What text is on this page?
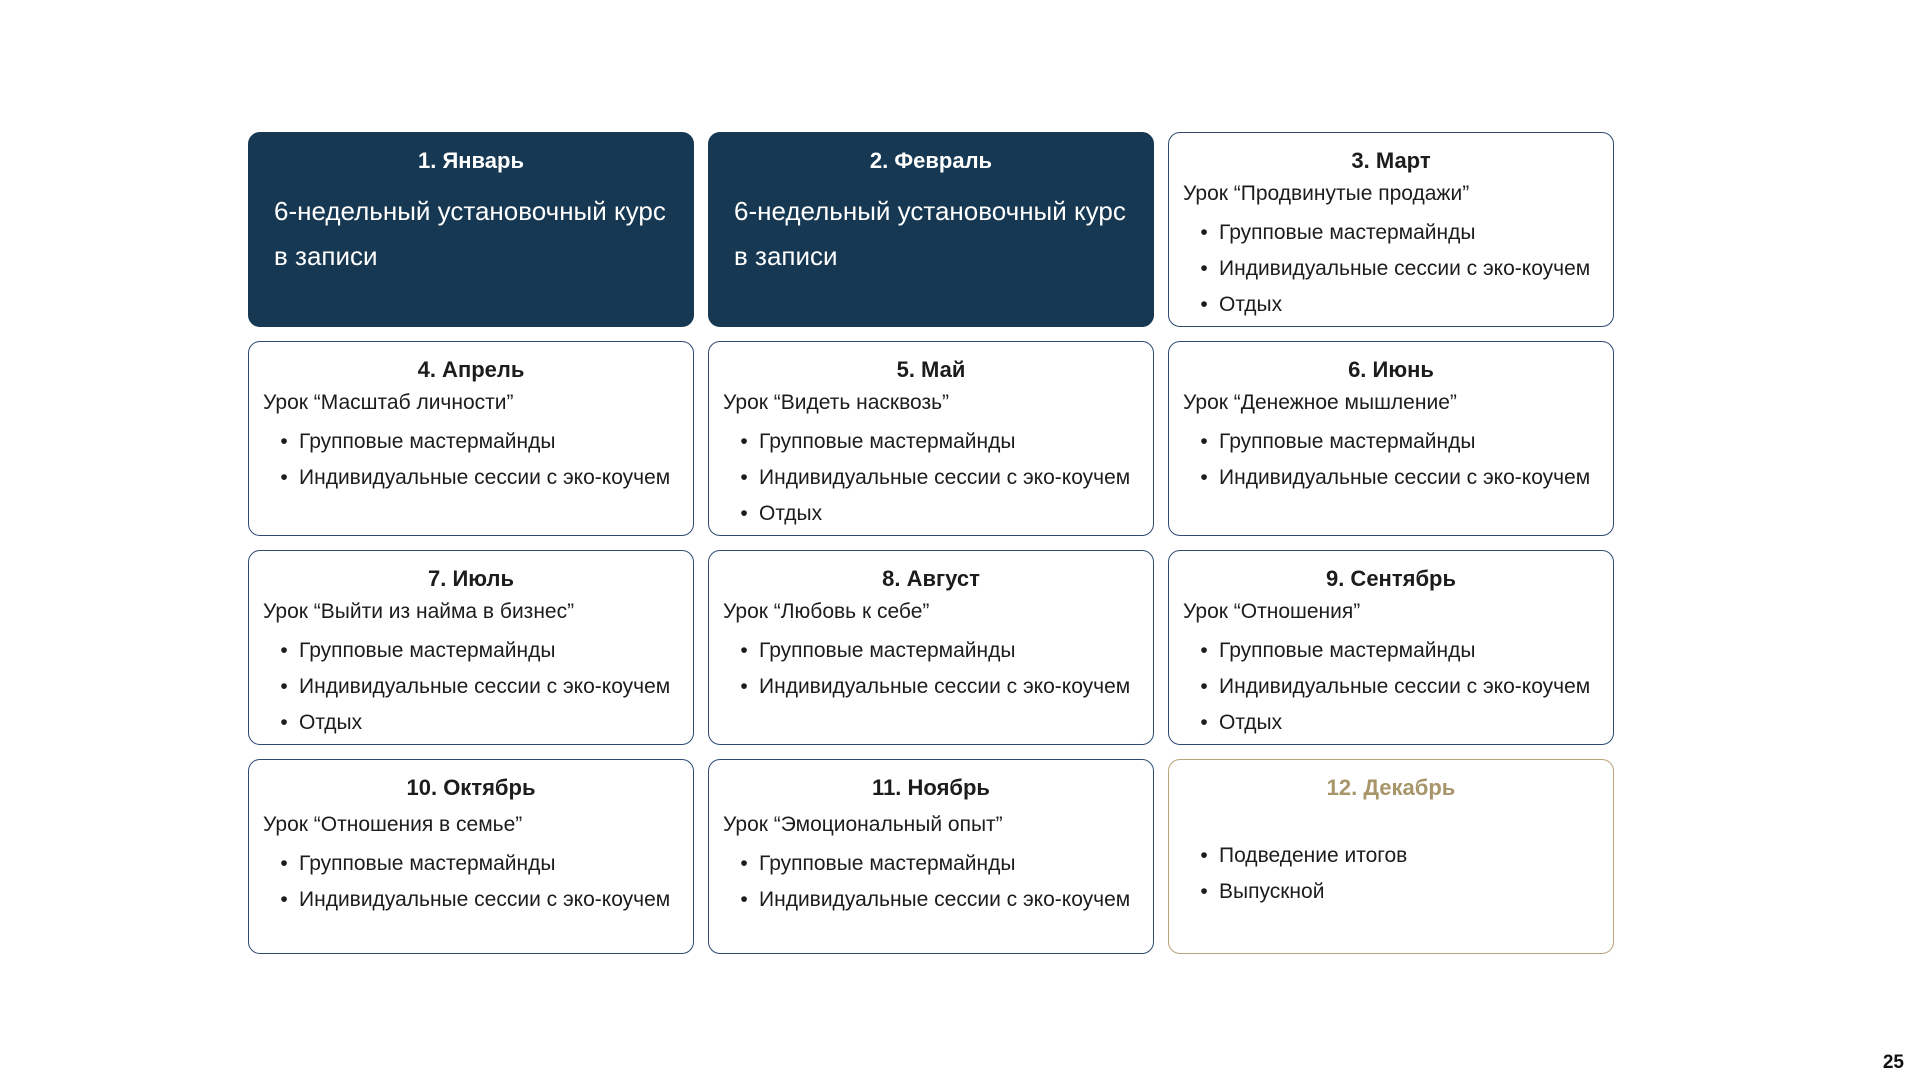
1. Январь
6-недельный установочный курс в записи
2. Февраль
6-недельный установочный курс в записи
3. Март

Урок “Продвинутые продажи”

• Групповые мастермайнды
• Индивидуальные сессии с эко-коучем
• Отдых
4. Апрель

Урок “Масштаб личности”

• Групповые мастермайнды
• Индивидуальные сессии с эко-коучем
5. Май

Урок “Видеть насквозь”

• Групповые мастермайнды
• Индивидуальные сессии с эко-коучем
• Отдых
6. Июнь

Урок “Денежное мышление”

• Групповые мастермайнды
• Индивидуальные сессии с эко-коучем
7. Июль

Урок “Выйти из найма в бизнес”

• Групповые мастермайнды
• Индивидуальные сессии с эко-коучем
• Отдых
8. Август

Урок “Любовь к себе”

• Групповые мастермайнды
• Индивидуальные сессии с эко-коучем
9. Сентябрь

Урок “Отношения”

• Групповые мастермайнды
• Индивидуальные сессии с эко-коучем
• Отдых
10. Октябрь

Урок “Отношения в семье”

• Групповые мастермайнды
• Индивидуальные сессии с эко-коучем
11. Ноябрь

Урок “Эмоциональный опыт”

• Групповые мастермайнды
• Индивидуальные сессии с эко-коучем
12. Декабрь
• Подведение итогов
• Выпускной
25
